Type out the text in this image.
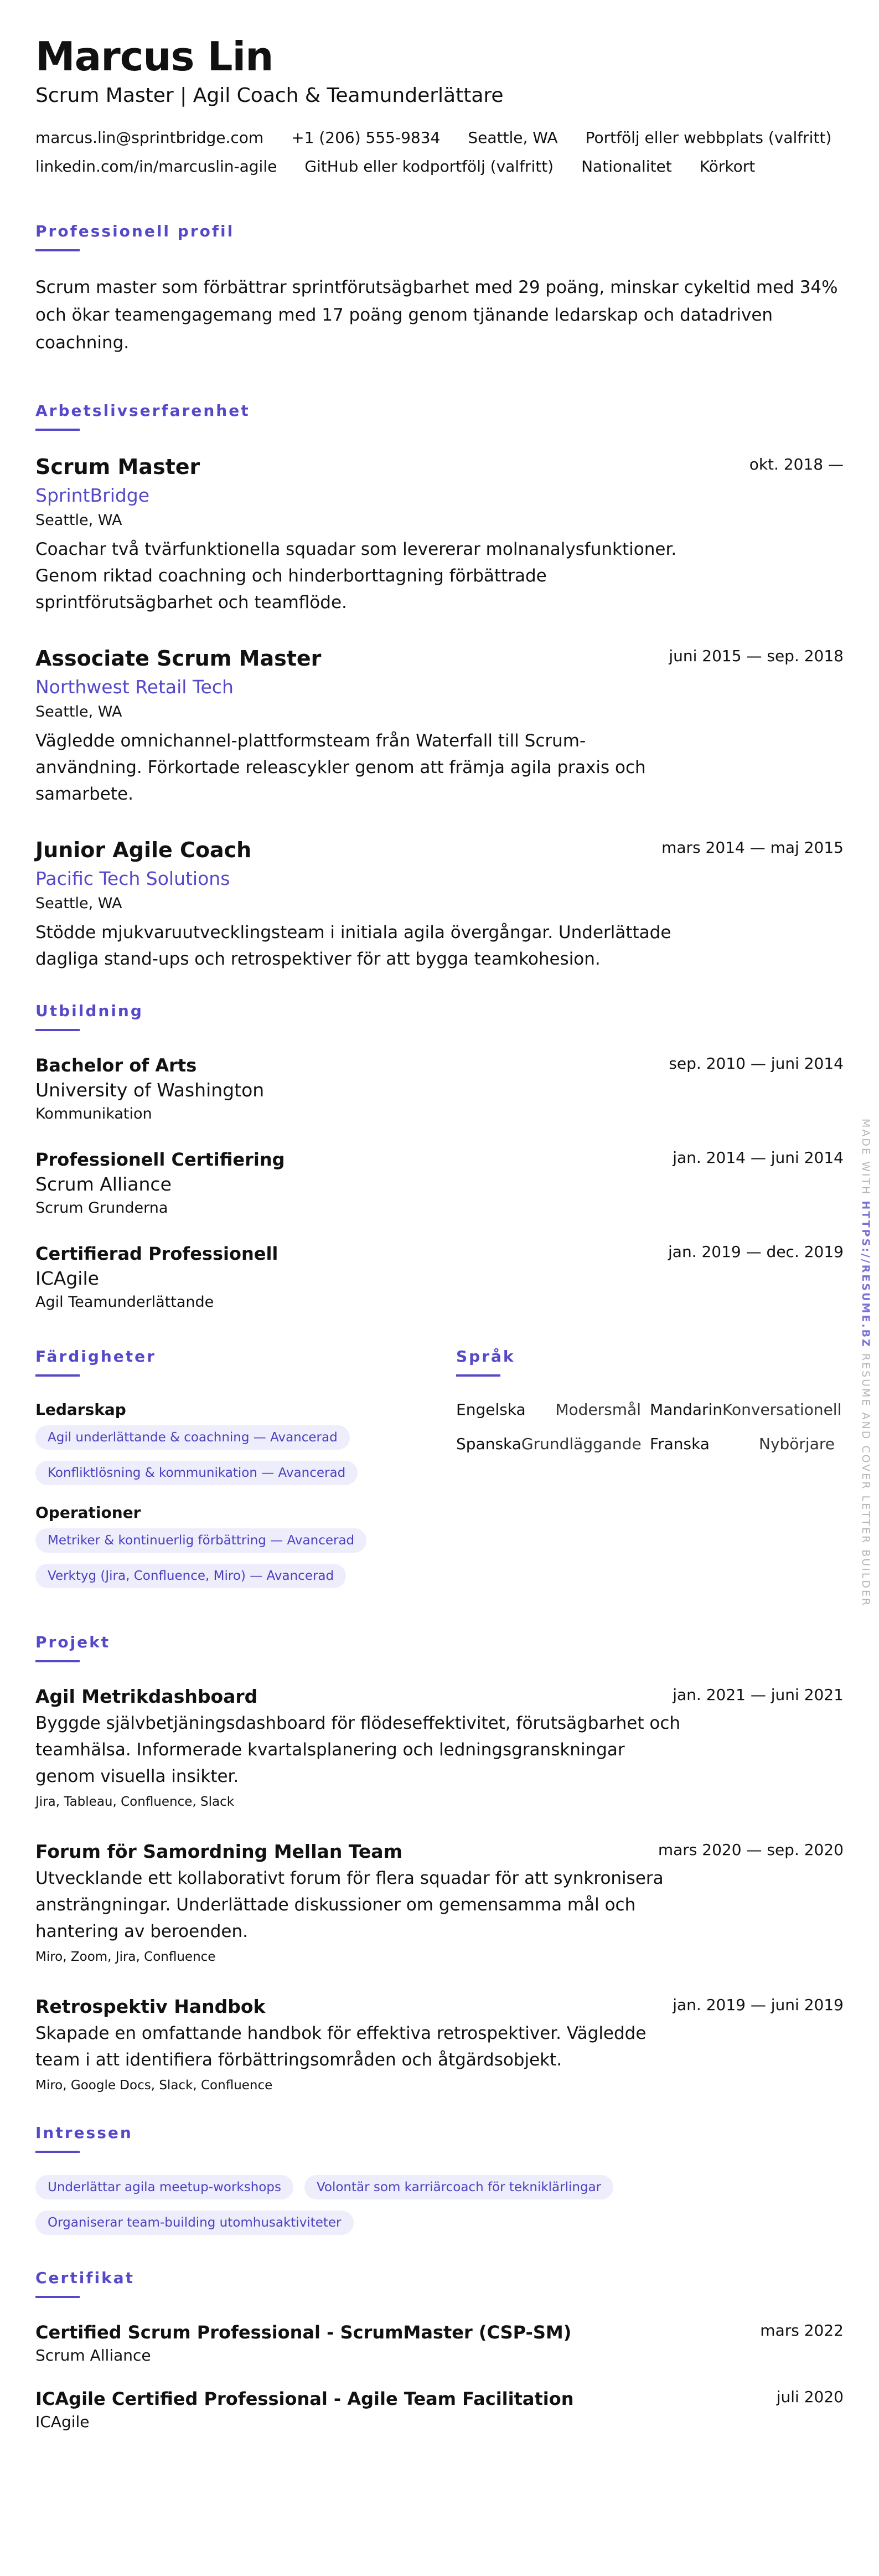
Marcus Lin
Scrum Master | Agil Coach & Teamunderlättare
marcus.lin@sprintbridge.com +1 (206) 555-9834 Seattle, WA Portfölj eller webbplats (valfritt)
linkedin.com/in/marcuslin-agile GitHub eller kodportfölj (valfritt) Nationalitet Körkort
Professionell profil
Scrum master som förbättrar sprintförutsägbarhet med 29 poäng, minskar cykeltid med 34% och ökar teamengagemang med 17 poäng genom tjänande ledarskap och datadriven coachning.
Arbetslivserfarenhet
okt. 2018 —
Scrum Master
SprintBridge
Seattle, WA
Coachar två tvärfunktionella squadar som levererar molnanalysfunktioner. Genom riktad coachning och hinderborttagning förbättrade sprintförutsägbarhet och teamflöde.
juni 2015 — sep. 2018
Associate Scrum Master
Northwest Retail Tech
Seattle, WA
Vägledde omnichannel-plattformsteam från Waterfall till Scrum-användning. Förkortade releascykler genom att främja agila praxis och samarbete.
mars 2014 — maj 2015
Junior Agile Coach
Pacific Tech Solutions
Seattle, WA
Stödde mjukvaruutvecklingsteam i initiala agila övergångar. Underlättade dagliga stand-ups och retrospektiver för att bygga teamkohesion.
Utbildning
sep. 2010 — juni 2014
Bachelor of Arts
University of Washington
Kommunikation
jan. 2014 — juni 2014
Professionell Certifiering
Scrum Alliance
Scrum Grunderna
jan. 2019 — dec. 2019
Certifierad Professionell
ICAgile
Agil Teamunderlättande
Färdigheter
Ledarskap
Agil underlättande & coachning — Avancerad
Konfliktlösning & kommunikation — Avancerad
Operationer
Metriker & kontinuerlig förbättring — Avancerad
Verktyg (Jira, Confluence, Miro) — Avancerad
Språk
Engelska Modersmål Mandarin Konversationell
Spanska Grundläggande Franska	Nybörjare
Projekt
jan. 2021 — juni 2021
Agil Metrikdashboard
Byggde självbetjäningsdashboard för flödeseffektivitet, förutsägbarhet och teamhälsa. Informerade kvartalsplanering och ledningsgranskningar genom visuella insikter.
Jira, Tableau, Confluence, Slack
mars 2020 — sep. 2020
Forum för Samordning Mellan Team
Utvecklande ett kollaborativt forum för flera squadar för att synkronisera ansträngningar. Underlättade diskussioner om gemensamma mål och hantering av beroenden.
Miro, Zoom, Jira, Confluence
jan. 2019 — juni 2019
Retrospektiv Handbok
Skapade en omfattande handbok för effektiva retrospektiver. Vägledde team i att identifiera förbättringsområden och åtgärdsobjekt.
Miro, Google Docs, Slack, Confluence
Intressen
Underlättar agila meetup-workshops	Volontär som karriärcoach för tekniklärlingar
Organiserar team-building utomhusaktiviteter
Certifikat
mars 2022
Certified Scrum Professional - ScrumMaster (CSP-SM)
Scrum Alliance
juli 2020
ICAgile Certified Professional - Agile Team Facilitation
ICAgile
MADE WITH HTTPS://RESUME.BZ RESUME AND COVER LETTER BUILDER
